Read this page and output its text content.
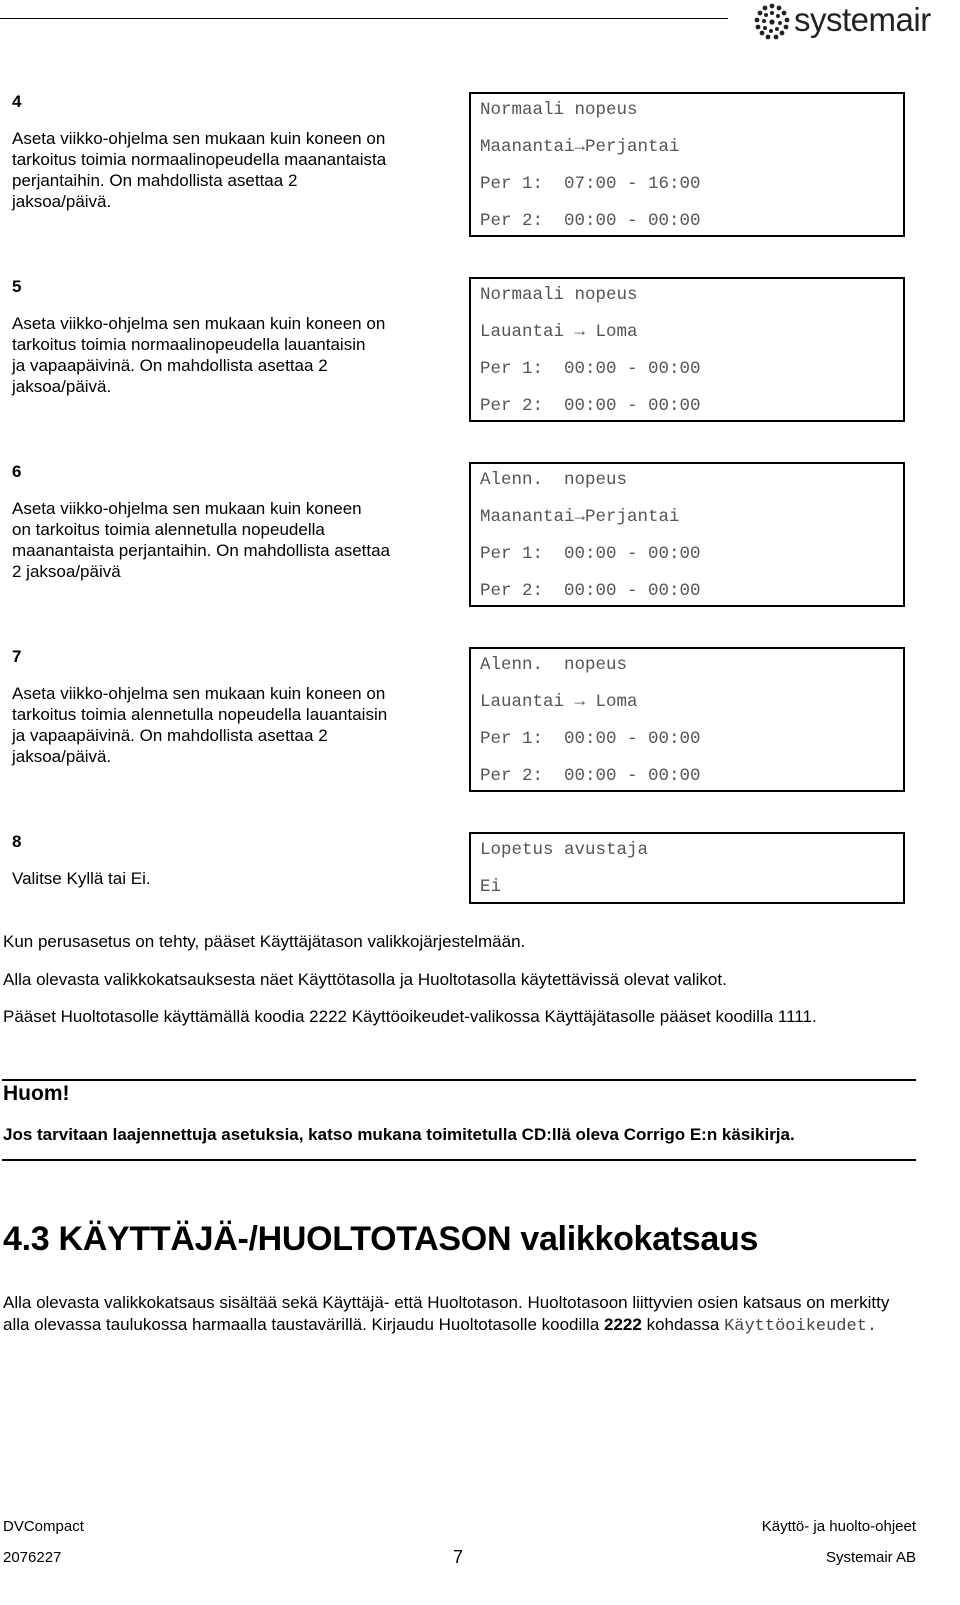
systemair
4
Aseta viikko-ohjelma sen mukaan kuin koneen on
tarkoitus toimia normaalinopeudella maanantaista
perjantaihin. On mahdollista asettaa 2
jaksoa/päivä.
Normaali nopeus
Maanantai→Perjantai
Per 1:  07:00 - 16:00
Per 2:  00:00 - 00:00
5
Aseta viikko-ohjelma sen mukaan kuin koneen on
tarkoitus toimia normaalinopeudella lauantaisin
ja vapaapäivinä. On mahdollista asettaa 2
jaksoa/päivä.
Normaali nopeus
Lauantai → Loma
Per 1:  00:00 - 00:00
Per 2:  00:00 - 00:00
6
Aseta viikko-ohjelma sen mukaan kuin koneen
on tarkoitus toimia alennetulla nopeudella
maanantaista perjantaihin. On mahdollista asettaa
2 jaksoa/päivä
Alenn.  nopeus
Maanantai→Perjantai
Per 1:  00:00 - 00:00
Per 2:  00:00 - 00:00
7
Aseta viikko-ohjelma sen mukaan kuin koneen on
tarkoitus toimia alennetulla nopeudella lauantaisin
ja vapaapäivinä. On mahdollista asettaa 2
jaksoa/päivä.
Alenn.  nopeus
Lauantai → Loma
Per 1:  00:00 - 00:00
Per 2:  00:00 - 00:00
8
Valitse Kyllä tai Ei.
Lopetus avustaja
Ei
Kun perusasetus on tehty, pääset Käyttäjätason valikkojärjestelmään.
Alla olevasta valikkokatsauksesta näet Käyttötasolla ja Huoltotasolla käytettävissä olevat valikot.
Pääset Huoltotasolle käyttämällä koodia 2222 Käyttöoikeudet-valikossa Käyttäjätasolle pääset koodilla 1111.
Huom!
Jos tarvitaan laajennettuja asetuksia, katso mukana toimitetulla CD:llä oleva Corrigo E:n käsikirja.
4.3 KÄYTTÄJÄ-/HUOLTOTASON valikkokatsaus
Alla olevasta valikkokatsaus sisältää sekä Käyttäjä- että Huoltotason. Huoltotasoon liittyvien osien katsaus on merkitty alla olevassa taulukossa harmaalla taustavärillä. Kirjaudu Huoltotasolle koodilla 2222 kohdassa Käyttöoikeudet.
DVCompact	Käyttö- ja huolto-ohjeet
2076227	7	Systemair AB
